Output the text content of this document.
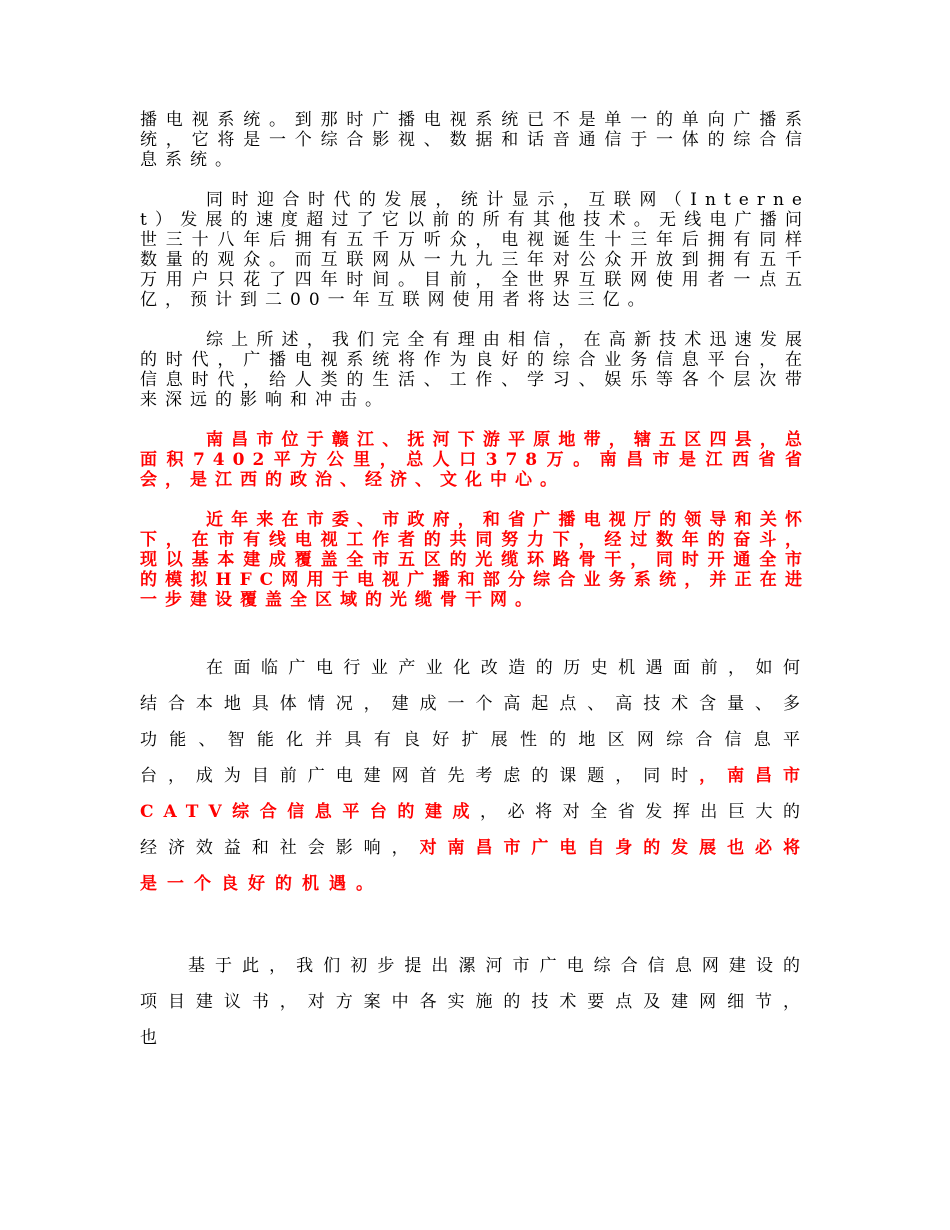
播电视系统。到那时广播电视系统已不是单一的单向广播系统，它将是一个综合影视、数据和话音通信于一体的综合信息系统。

同时迎合时代的发展，统计显示，互联网（Internet）发展的速度超过了它以前的所有其他技术。无线电广播问世三十八年后拥有五千万听众，电视诞生十三年后拥有同样数量的观众。而互联网从一九九三年对公众开放到拥有五千万用户只花了四年时间。目前，全世界互联网使用者一点五亿，预计到二00一年互联网使用者将达三亿。

综上所述，我们完全有理由相信，在高新技术迅速发展的时代，广播电视系统将作为良好的综合业务信息平台，在信息时代，给人类的生活、工作、学习、娱乐等各个层次带来深远的影响和冲击。

南昌市位于赣江、抚河下游平原地带，辖五区四县，总面积7402平方公里，总人口378万。南昌市是江西省省会，是江西的政治、经济、文化中心。

近年来在市委、市政府，和省广播电视厅的领导和关怀下，在市有线电视工作者的共同努力下，经过数年的奋斗，现以基本建成覆盖全市五区的光缆环路骨干，同时开通全市的模拟HFC网用于电视广播和部分综合业务系统，并正在进一步建设覆盖全区域的光缆骨干网。

在面临广电行业产业化改造的历史机遇面前，如何结合本地具体情况，建成一个高起点、高技术含量、多功能、智能化并具有良好扩展性的地区网综合信息平台，成为目前广电建网首先考虑的课题，同时，南昌市CATV综合信息平台的建成，必将对全省发挥出巨大的经济效益和社会影响，对南昌市广电自身的发展也必将是一个良好的机遇。

基于此，我们初步提出漯河市广电综合信息网建设的项目建议书，对方案中各实施的技术要点及建网细节，也
